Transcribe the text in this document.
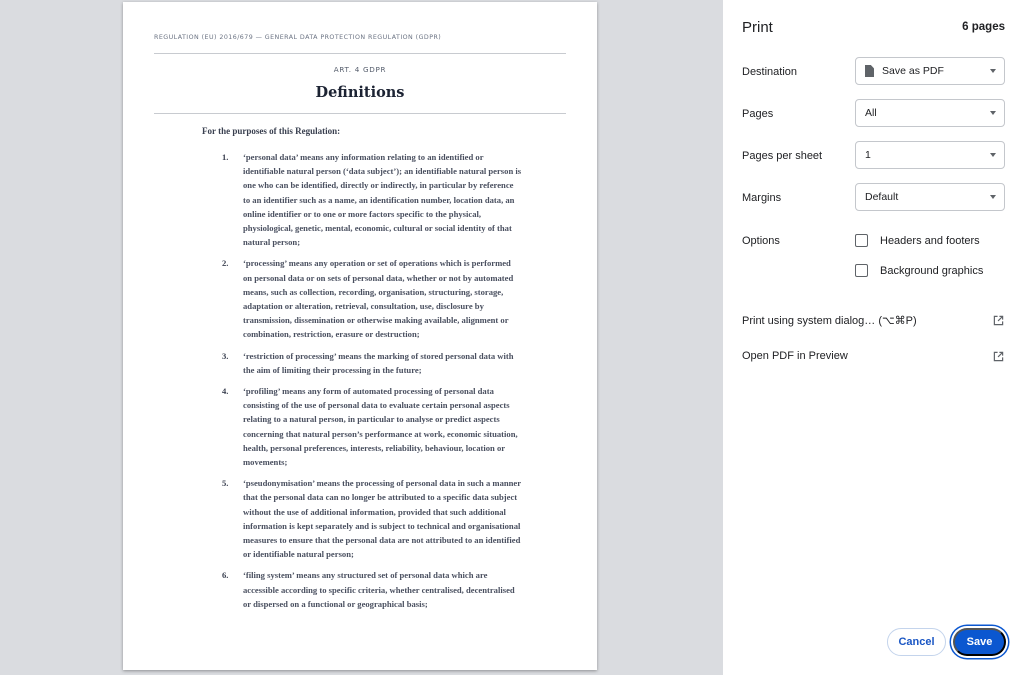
REGULATION (EU) 2016/679 — GENERAL DATA PROTECTION REGULATION (GDPR)
ART. 4 GDPR
Definitions
For the purposes of this Regulation:
1.	‘personal data’ means any information relating to an identified or identifiable natural person (‘data subject’); an identifiable natural person is one who can be identified, directly or indirectly, in particular by reference to an identifier such as a name, an identification number, location data, an online identifier or to one or more factors specific to the physical, physiological, genetic, mental, economic, cultural or social identity of that natural person;
2.	‘processing’ means any operation or set of operations which is performed on personal data or on sets of personal data, whether or not by automated means, such as collection, recording, organisation, structuring, storage, adaptation or alteration, retrieval, consultation, use, disclosure by transmission, dissemination or otherwise making available, alignment or combination, restriction, erasure or destruction;
3.	‘restriction of processing’ means the marking of stored personal data with the aim of limiting their processing in the future;
4.	‘profiling’ means any form of automated processing of personal data consisting of the use of personal data to evaluate certain personal aspects relating to a natural person, in particular to analyse or predict aspects concerning that natural person’s performance at work, economic situation, health, personal preferences, interests, reliability, behaviour, location or movements;
5.	‘pseudonymisation’ means the processing of personal data in such a manner that the personal data can no longer be attributed to a specific data subject without the use of additional information, provided that such additional information is kept separately and is subject to technical and organisational measures to ensure that the personal data are not attributed to an identified or identifiable natural person;
6.	‘filing system’ means any structured set of personal data which are accessible according to specific criteria, whether centralised, decentralised or dispersed on a functional or geographical basis;
Print	6 pages
Destination	Save as PDF
Pages	All
Pages per sheet	1
Margins	Default
Options	Headers and footers
Background graphics
Print using system dialog… (⌥⌘P)
Open PDF in Preview
Cancel	Save
